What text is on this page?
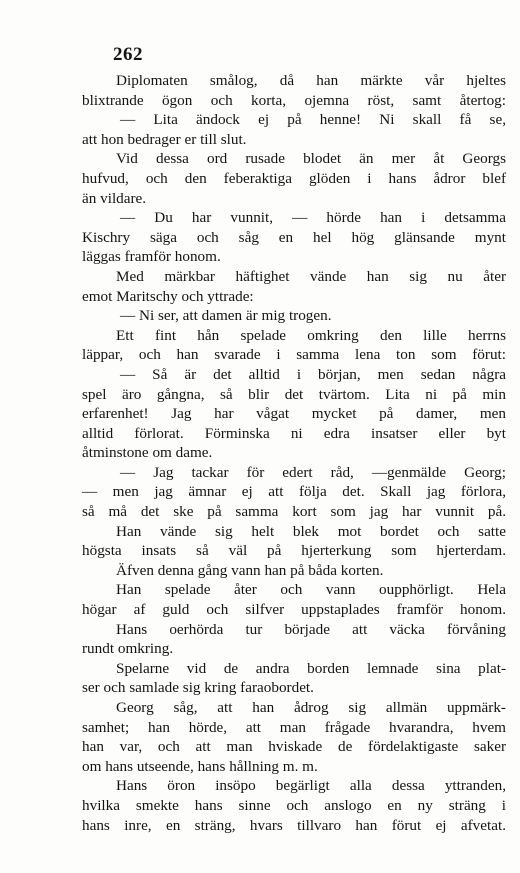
262
Diplomaten smålog, då han märkte vår hjeltes
blixtrande ögon och korta, ojemna röst, samt återtog:
— Lita ändock ej på henne! Ni skall få se,
att hon bedrager er till slut.
Vid dessa ord rusade blodet än mer åt Georgs
hufvud, och den feberaktiga glöden i hans ådror blef
än vildare.
— Du har vunnit, — hörde han i detsamma
Kischry säga och såg en hel hög glänsande mynt
läggas framför honom.
Med märkbar häftighet vände han sig nu åter
emot Maritschy och yttrade:
— Ni ser, att damen är mig trogen.
Ett fint hån spelade omkring den lille herrns
läppar, och han svarade i samma lena ton som förut:
— Så är det alltid i början, men sedan några
spel äro gångna, så blir det tvärtom. Lita ni på min
erfarenhet! Jag har vågat mycket på damer, men
alltid förlorat. Förminska ni edra insatser eller byt
åtminstone om dame.
— Jag tackar för edert råd, —genmälde Georg;
— men jag ämnar ej att följa det. Skall jag förlora,
så må det ske på samma kort som jag har vunnit på.
Han vände sig helt blek mot bordet och satte
högsta insats så väl på hjerterkung som hjerterdam.
Äfven denna gång vann han på båda korten.
Han spelade åter och vann oupphörligt. Hela
högar af guld och silfver uppstaplades framför honom.
Hans oerhörda tur började att väcka förvåning
rundt omkring.
Spelarne vid de andra borden lemnade sina plat-
ser och samlade sig kring faraobordet.
Georg såg, att han ådrog sig allmän uppmärk-
samhet; han hörde, att man frågade hvarandra, hvem
han var, och att man hviskade de fördelaktigaste saker
om hans utseende, hans hållning m. m.
Hans öron insöpo begärligt alla dessa yttranden,
hvilka smekte hans sinne och anslogo en ny sträng i
hans inre, en sträng, hvars tillvaro han förut ej afvetat.
